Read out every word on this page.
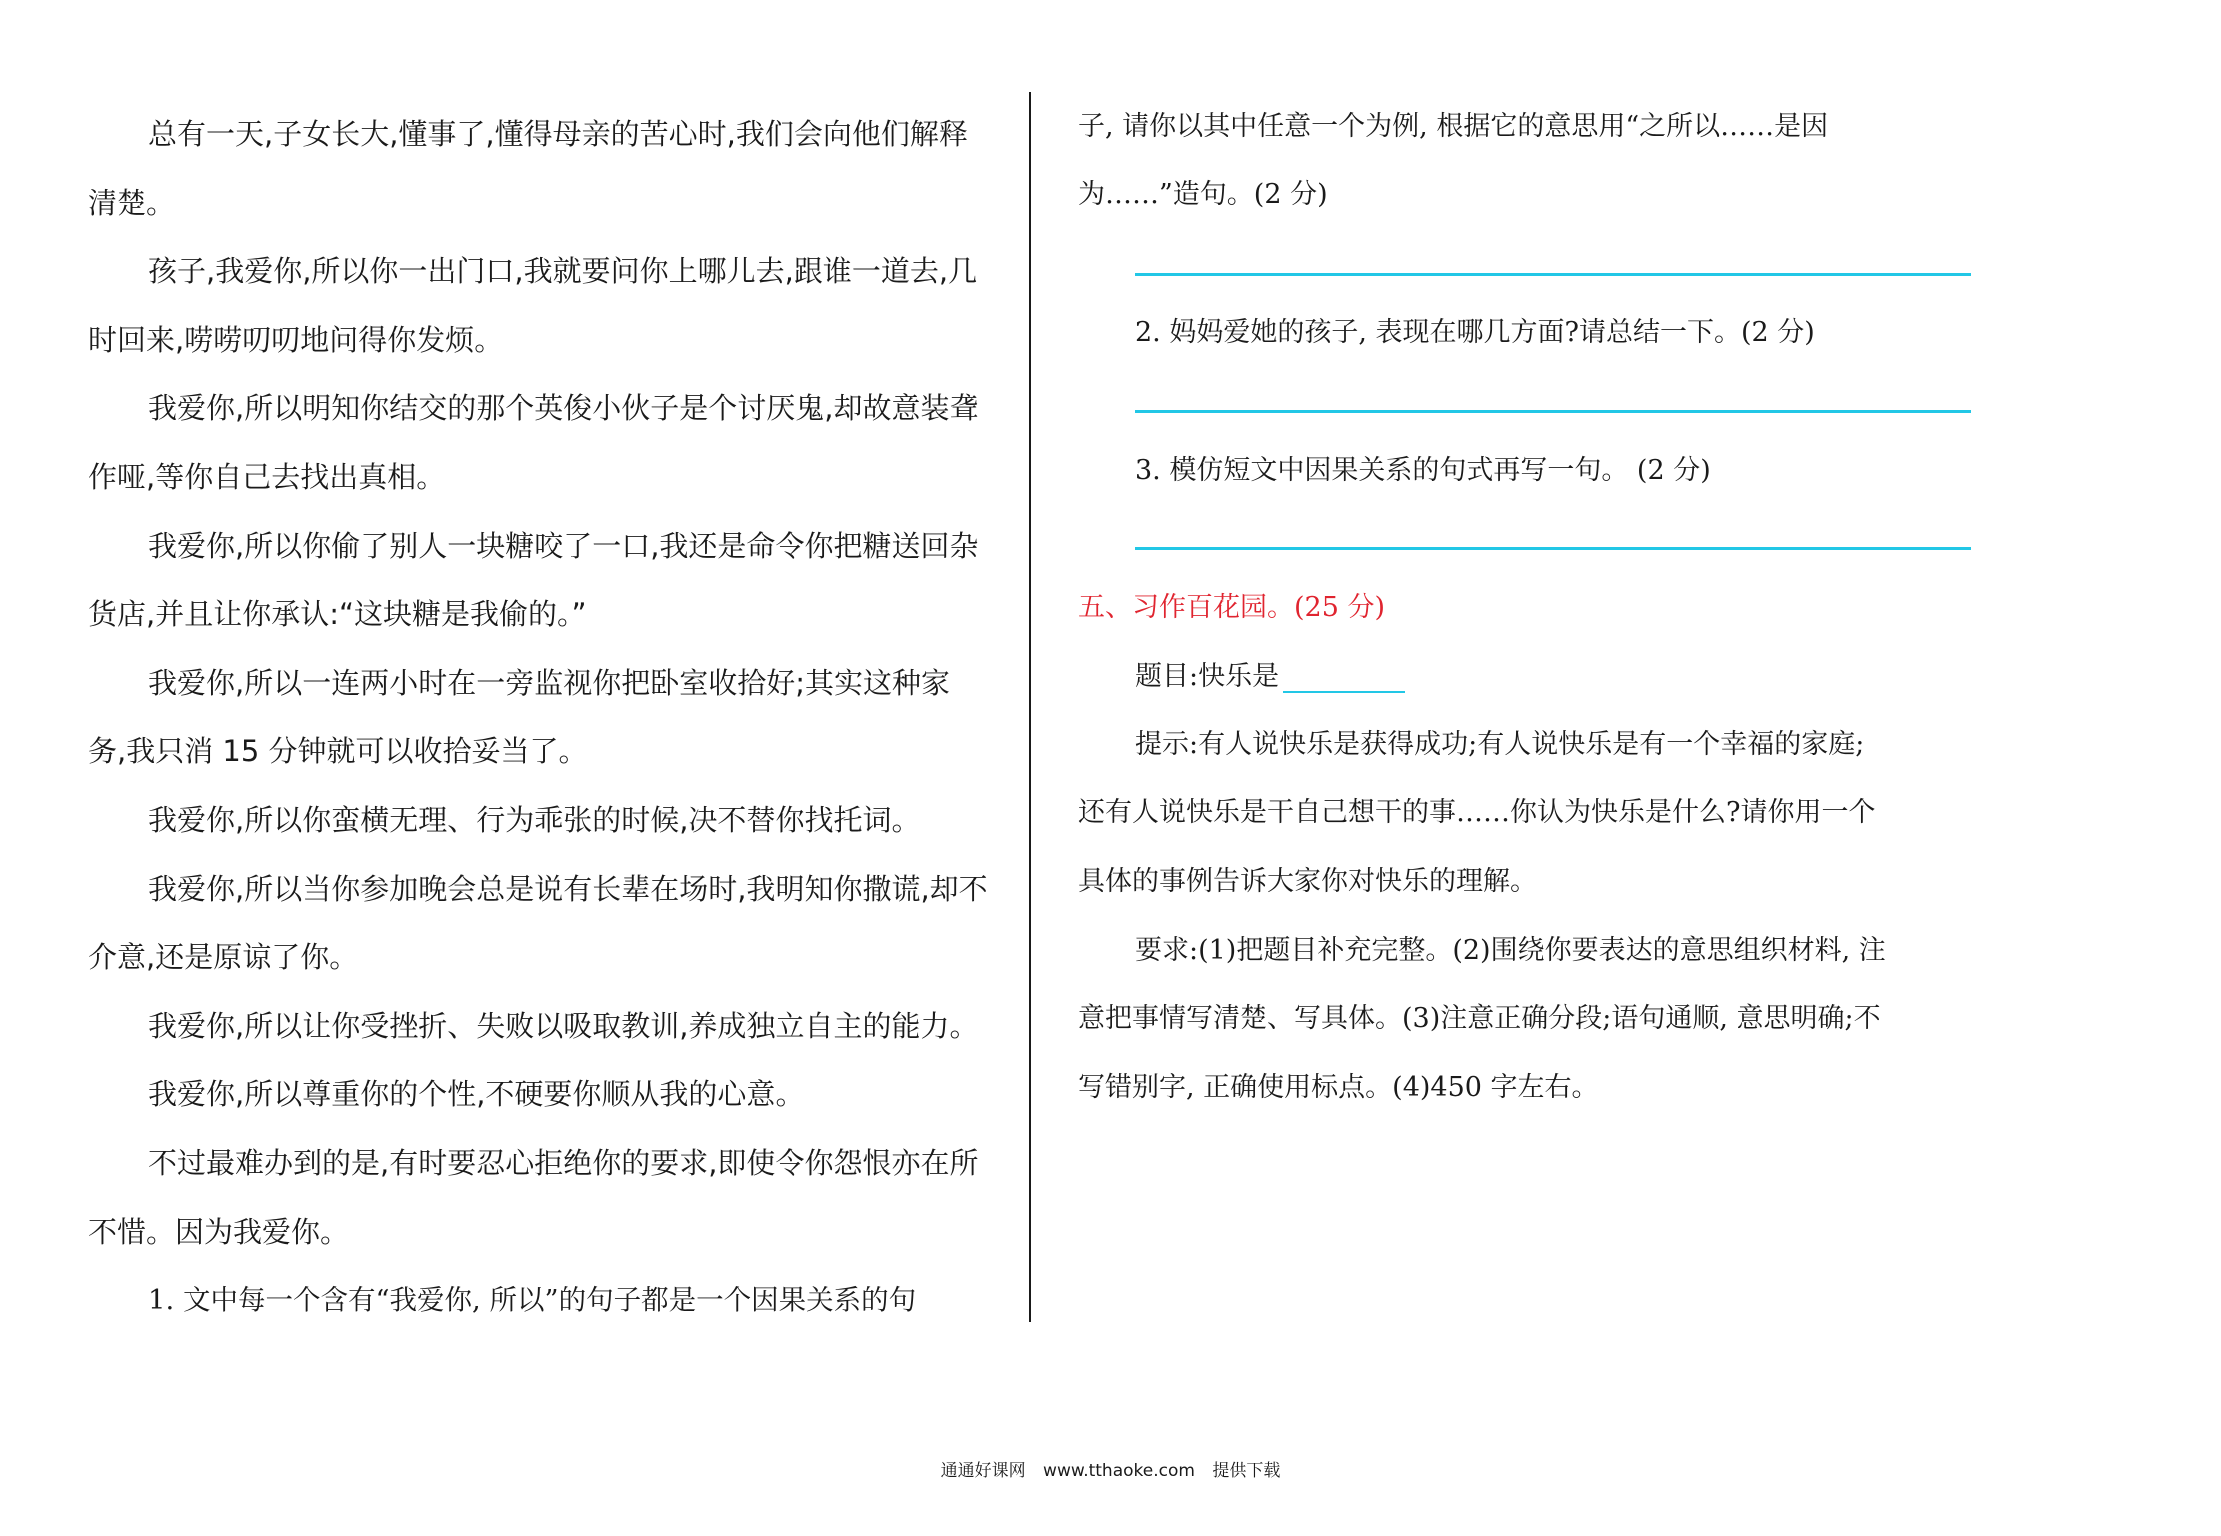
总有一天,子女长大,懂事了,懂得母亲的苦心时,我们会向他们解释清楚。

孩子,我爱你,所以你一出门口,我就要问你上哪儿去,跟谁一道去,几时回来,唠唠叨叨地问得你发烦。

我爱你,所以明知你结交的那个英俊小伙子是个讨厌鬼,却故意装聋作哑,等你自己去找出真相。

我爱你,所以你偷了别人一块糖咬了一口,我还是命令你把糖送回杂货店,并且让你承认:“这块糖是我偷的。”

我爱你,所以一连两小时在一旁监视你把卧室收拾好;其实这种家务,我只消 15 分钟就可以收拾妥当了。

我爱你,所以你蛮横无理、行为乖张的时候,决不替你找托词。

我爱你,所以当你参加晚会总是说有长辈在场时,我明知你撒谎,却不介意,还是原谅了你。

我爱你,所以让你受挫折、失败以吸取教训,养成独立自主的能力。

我爱你,所以尊重你的个性,不硬要你顺从我的心意。

不过最难办到的是,有时要忍心拒绝你的要求,即使令你怨恨亦在所不惜。因为我爱你。

1. 文中每一个含有“我爱你, 所以”的句子都是一个因果关系的句

子, 请你以其中任意一个为例, 根据它的意思用“之所以……是因
为……”造句。(2 分)
2. 妈妈爱她的孩子, 表现在哪几方面?请总结一下。(2 分)
3. 模仿短文中因果关系的句式再写一句。 (2 分)
五、习作百花园。(25 分)
题目:快乐是
提示:有人说快乐是获得成功;有人说快乐是有一个幸福的家庭;
还有人说快乐是干自己想干的事……你认为快乐是什么?请你用一个
具体的事例告诉大家你对快乐的理解。
要求:(1)把题目补充完整。(2)围绕你要表达的意思组织材料, 注
意把事情写清楚、写具体。(3)注意正确分段;语句通顺, 意思明确;不
写错别字, 正确使用标点。(4)450 字左右。
通通好课网 www.tthaoke.com 提供下载
